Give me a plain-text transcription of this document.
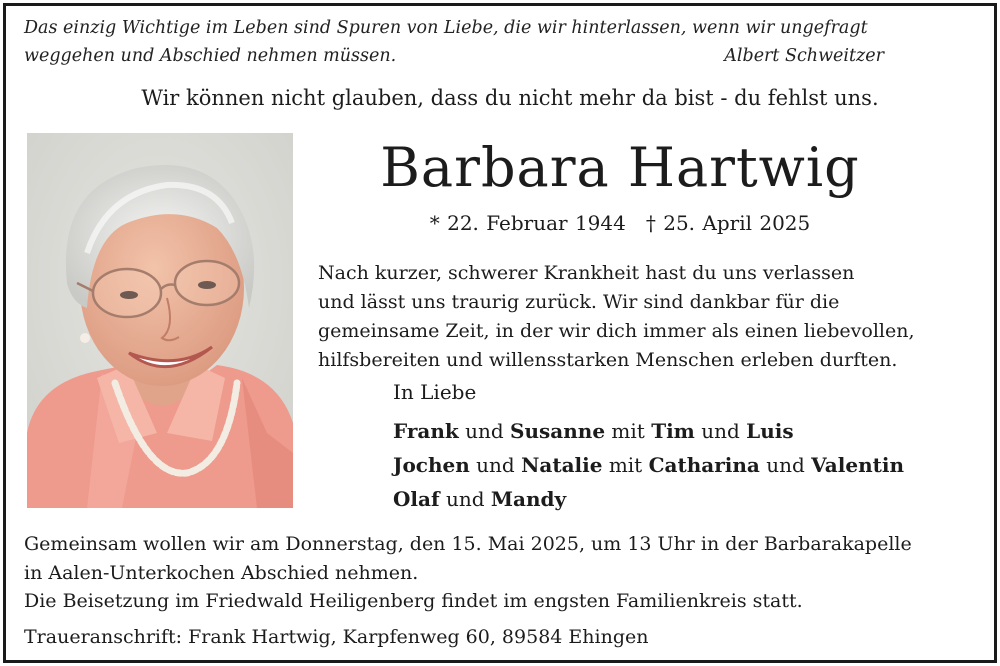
Das einzig Wichtige im Leben sind Spuren von Liebe, die wir hinterlassen, wenn wir ungefragt
weggehen und Abschied nehmen müssen.	Albert Schweitzer
Wir können nicht glauben, dass du nicht mehr da bist - du fehlst uns.
Barbara Hartwig
* 22. Februar 1944 † 25. April 2025
Nach kurzer, schwerer Krankheit hast du uns verlassen
und lässt uns traurig zurück. Wir sind dankbar für die
gemeinsame Zeit, in der wir dich immer als einen liebevollen,
hilfsbereiten und willensstarken Menschen erleben durften.
In Liebe
Frank und Susanne mit Tim und Luis
Jochen und Natalie mit Catharina und Valentin
Olaf und Mandy
Gemeinsam wollen wir am Donnerstag, den 15. Mai 2025, um 13 Uhr in der Barbarakapelle
in Aalen-Unterkochen Abschied nehmen.
Die Beisetzung im Friedwald Heiligenberg findet im engsten Familienkreis statt.
Traueranschrift: Frank Hartwig, Karpfenweg 60, 89584 Ehingen
